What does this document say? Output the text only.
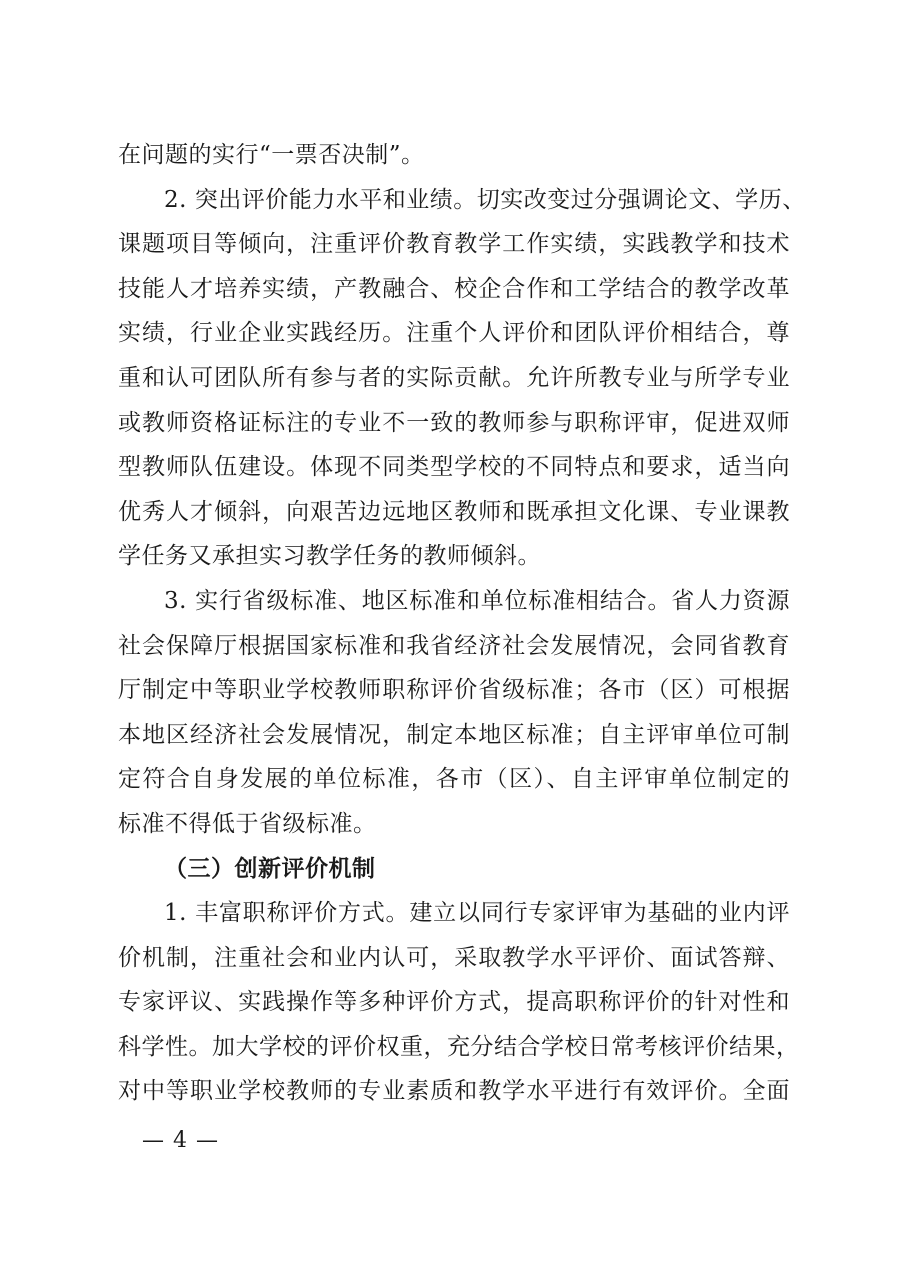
在问题的实行“一票否决制”。
2. 突出评价能力水平和业绩。切实改变过分强调论文、学历、
课题项目等倾向，注重评价教育教学工作实绩，实践教学和技术
技能人才培养实绩，产教融合、校企合作和工学结合的教学改革
实绩，行业企业实践经历。注重个人评价和团队评价相结合，尊
重和认可团队所有参与者的实际贡献。允许所教专业与所学专业
或教师资格证标注的专业不一致的教师参与职称评审，促进双师
型教师队伍建设。体现不同类型学校的不同特点和要求，适当向
优秀人才倾斜，向艰苦边远地区教师和既承担文化课、专业课教
学任务又承担实习教学任务的教师倾斜。
3. 实行省级标准、地区标准和单位标准相结合。省人力资源
社会保障厅根据国家标准和我省经济社会发展情况，会同省教育
厅制定中等职业学校教师职称评价省级标准；各市（区）可根据
本地区经济社会发展情况，制定本地区标准；自主评审单位可制
定符合自身发展的单位标准，各市（区）、自主评审单位制定的
标准不得低于省级标准。
（三）创新评价机制
1. 丰富职称评价方式。建立以同行专家评审为基础的业内评
价机制，注重社会和业内认可，采取教学水平评价、面试答辩、
专家评议、实践操作等多种评价方式，提高职称评价的针对性和
科学性。加大学校的评价权重，充分结合学校日常考核评价结果，
对中等职业学校教师的专业素质和教学水平进行有效评价。全面
— 4 —
